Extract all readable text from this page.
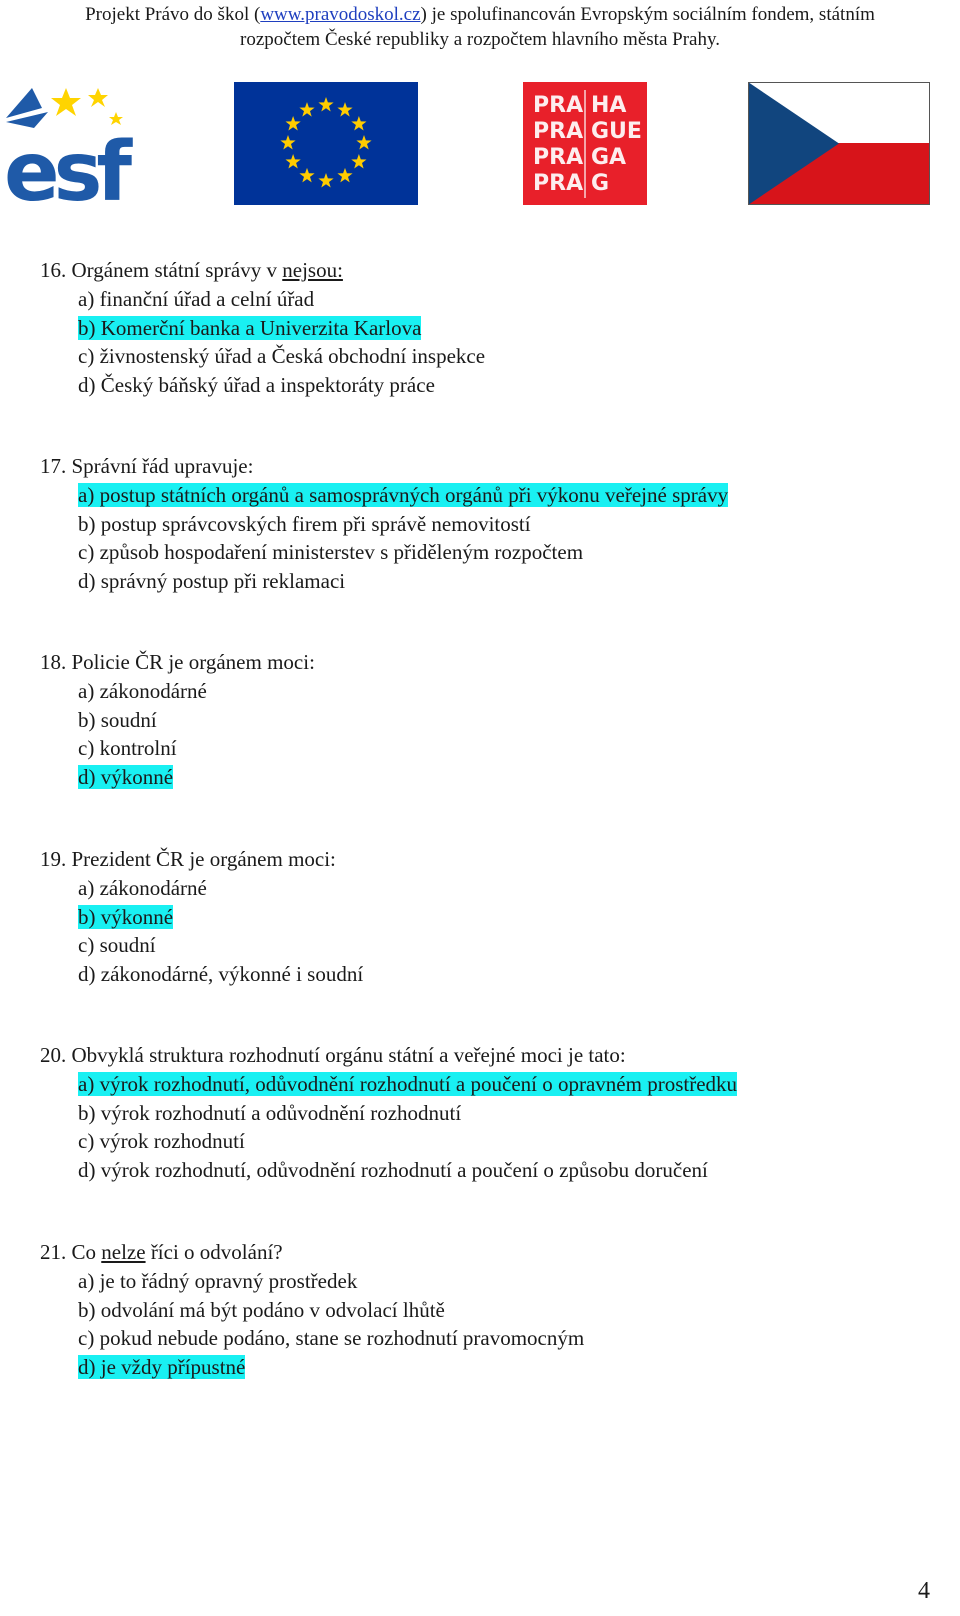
Projekt Právo do škol (www.pravodoskol.cz) je spolufinancován Evropským sociálním fondem, státním
rozpočtem České republiky a rozpočtem hlavního města Prahy.
esf
PRA HA
PRA GUE
PRA GA
PRA G
16. Orgánem státní správy v nejsou:
a) finanční úřad a celní úřad
b) Komerční banka a Univerzita Karlova
c) živnostenský úřad a Česká obchodní inspekce
d) Český báňský úřad a inspektoráty práce
17. Správní řád upravuje:
a) postup státních orgánů a samosprávných orgánů při výkonu veřejné správy
b) postup správcovských firem při správě nemovitostí
c) způsob hospodaření ministerstev s přiděleným rozpočtem
d) správný postup při reklamaci
18. Policie ČR je orgánem moci:
a) zákonodárné
b) soudní
c) kontrolní
d) výkonné
19. Prezident ČR je orgánem moci:
a) zákonodárné
b) výkonné
c) soudní
d) zákonodárné, výkonné i soudní
20. Obvyklá struktura rozhodnutí orgánu státní a veřejné moci je tato:
a) výrok rozhodnutí, odůvodnění rozhodnutí a poučení o opravném prostředku
b) výrok rozhodnutí a odůvodnění rozhodnutí
c) výrok rozhodnutí
d) výrok rozhodnutí, odůvodnění rozhodnutí a poučení o způsobu doručení
21. Co nelze říci o odvolání?
a) je to řádný opravný prostředek
b) odvolání má být podáno v odvolací lhůtě
c) pokud nebude podáno, stane se rozhodnutí pravomocným
d) je vždy přípustné
4
